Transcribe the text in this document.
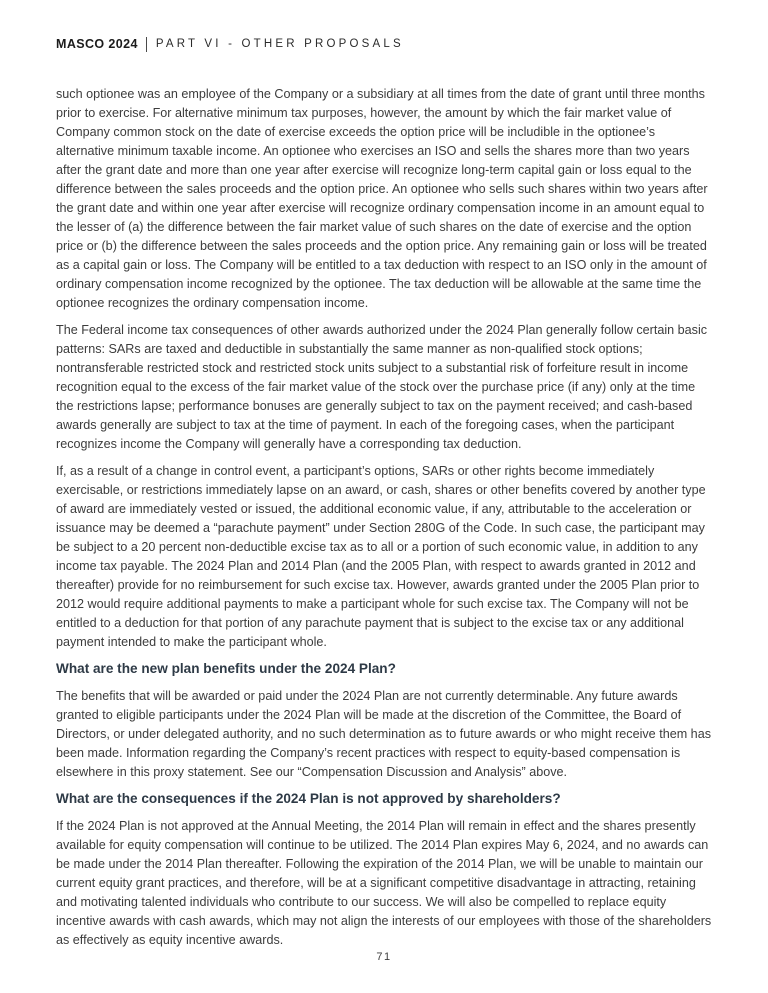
MASCO 2024 PART VI - OTHER PROPOSALS

such optionee was an employee of the Company or a subsidiary at all times from the date of grant until three months prior to exercise. For alternative minimum tax purposes, however, the amount by which the fair market value of Company common stock on the date of exercise exceeds the option price will be includible in the optionee’s alternative minimum taxable income. An optionee who exercises an ISO and sells the shares more than two years after the grant date and more than one year after exercise will recognize long-term capital gain or loss equal to the difference between the sales proceeds and the option price. An optionee who sells such shares within two years after the grant date and within one year after exercise will recognize ordinary compensation income in an amount equal to the lesser of (a) the difference between the fair market value of such shares on the date of exercise and the option price or (b) the difference between the sales proceeds and the option price. Any remaining gain or loss will be treated as a capital gain or loss. The Company will be entitled to a tax deduction with respect to an ISO only in the amount of ordinary compensation income recognized by the optionee. The tax deduction will be allowable at the same time the optionee recognizes the ordinary compensation income.

The Federal income tax consequences of other awards authorized under the 2024 Plan generally follow certain basic patterns: SARs are taxed and deductible in substantially the same manner as non-qualified stock options; nontransferable restricted stock and restricted stock units subject to a substantial risk of forfeiture result in income recognition equal to the excess of the fair market value of the stock over the purchase price (if any) only at the time the restrictions lapse; performance bonuses are generally subject to tax on the payment received; and cash-based awards generally are subject to tax at the time of payment. In each of the foregoing cases, when the participant recognizes income the Company will generally have a corresponding tax deduction.

If, as a result of a change in control event, a participant’s options, SARs or other rights become immediately exercisable, or restrictions immediately lapse on an award, or cash, shares or other benefits covered by another type of award are immediately vested or issued, the additional economic value, if any, attributable to the acceleration or issuance may be deemed a “parachute payment” under Section 280G of the Code. In such case, the participant may be subject to a 20 percent non-deductible excise tax as to all or a portion of such economic value, in addition to any income tax payable. The 2024 Plan and 2014 Plan (and the 2005 Plan, with respect to awards granted in 2012 and thereafter) provide for no reimbursement for such excise tax. However, awards granted under the 2005 Plan prior to 2012 would require additional payments to make a participant whole for such excise tax. The Company will not be entitled to a deduction for that portion of any parachute payment that is subject to the excise tax or any additional payment intended to make the participant whole.

What are the new plan benefits under the 2024 Plan?

The benefits that will be awarded or paid under the 2024 Plan are not currently determinable. Any future awards granted to eligible participants under the 2024 Plan will be made at the discretion of the Committee, the Board of Directors, or under delegated authority, and no such determination as to future awards or who might receive them has been made. Information regarding the Company’s recent practices with respect to equity-based compensation is elsewhere in this proxy statement. See our “Compensation Discussion and Analysis” above.

What are the consequences if the 2024 Plan is not approved by shareholders?

If the 2024 Plan is not approved at the Annual Meeting, the 2014 Plan will remain in effect and the shares presently available for equity compensation will continue to be utilized. The 2014 Plan expires May 6, 2024, and no awards can be made under the 2014 Plan thereafter. Following the expiration of the 2014 Plan, we will be unable to maintain our current equity grant practices, and therefore, will be at a significant competitive disadvantage in attracting, retaining and motivating talented individuals who contribute to our success. We will also be compelled to replace equity incentive awards with cash awards, which may not align the interests of our employees with those of the shareholders as effectively as equity incentive awards.

71
